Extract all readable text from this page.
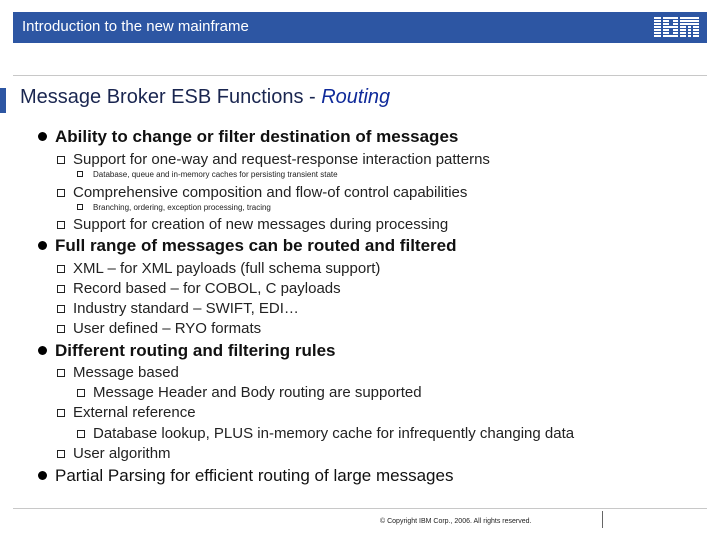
Introduction to the new mainframe
Message Broker ESB Functions - Routing
Ability to change or filter destination of messages
Support for one-way and request-response interaction patterns
Database, queue and in-memory caches for persisting transient state
Comprehensive composition and flow-of control capabilities
Branching, ordering, exception processing, tracing
Support for creation of new messages during processing
Full range of messages can be routed and filtered
XML – for XML payloads (full schema support)
Record based – for COBOL, C payloads
Industry standard – SWIFT, EDI…
User defined – RYO formats
Different routing and filtering rules
Message based
Message Header and Body routing are supported
External reference
Database lookup, PLUS in-memory cache for infrequently changing data
User algorithm
Partial Parsing for efficient routing of large messages
© Copyright IBM Corp., 2006. All rights reserved.
